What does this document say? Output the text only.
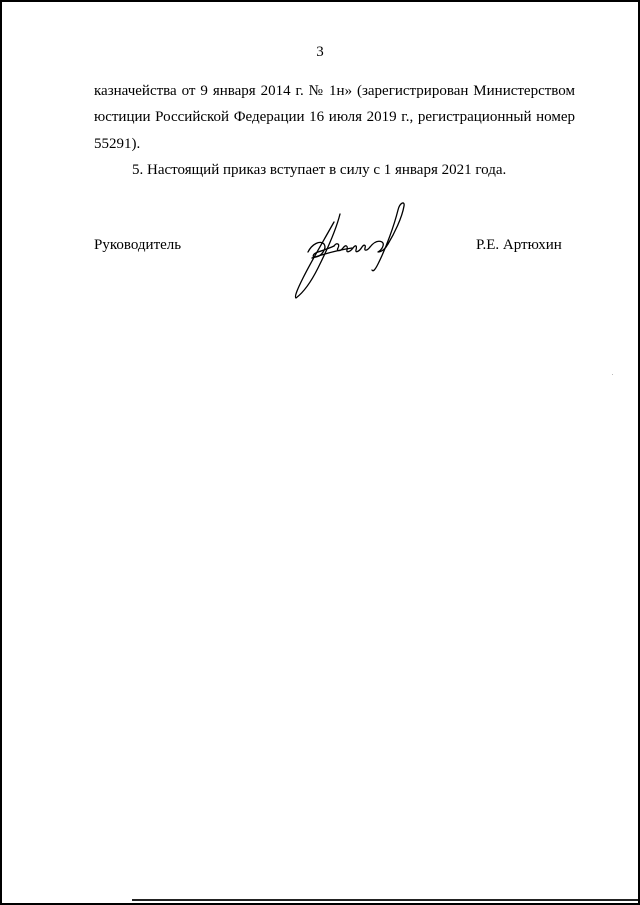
3
казначейства от 9 января 2014 г. № 1н» (зарегистрирован Министерством
юстиции Российской Федерации 16 июля 2019 г., регистрационный номер
55291).
5. Настоящий приказ вступает в силу с 1 января 2021 года.
Руководитель	Р.Е. Артюхин
